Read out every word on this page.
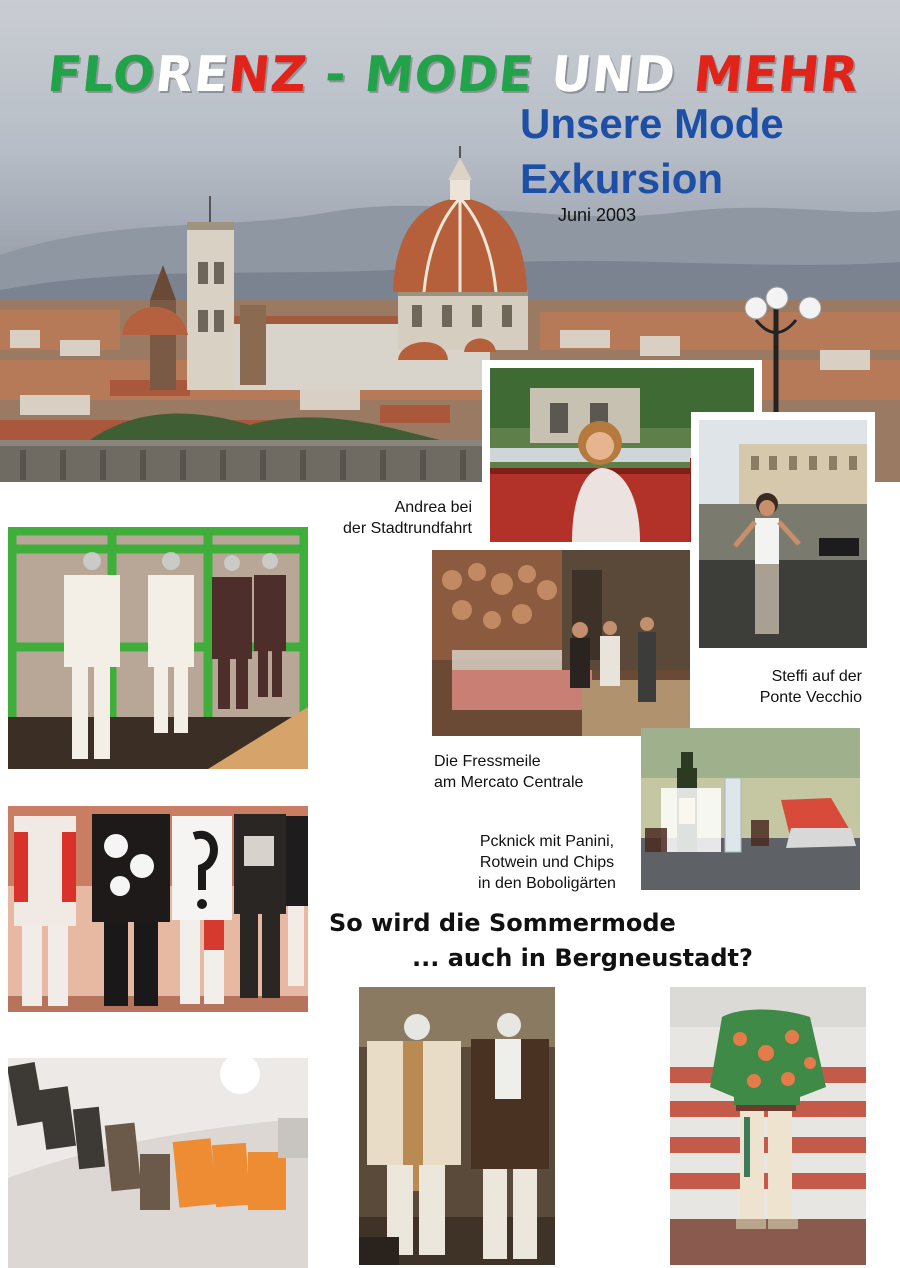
FLORENZ - MODE UND MEHR
Unsere Mode
Exkursion
Juni 2003
Andrea bei
der Stadtrundfahrt
Steffi auf der
Ponte Vecchio
Die Fressmeile
am Mercato Centrale
Pcknick mit Panini,
Rotwein und Chips
in den Boboligärten
So wird die Sommermode
... auch in Bergneustadt?
